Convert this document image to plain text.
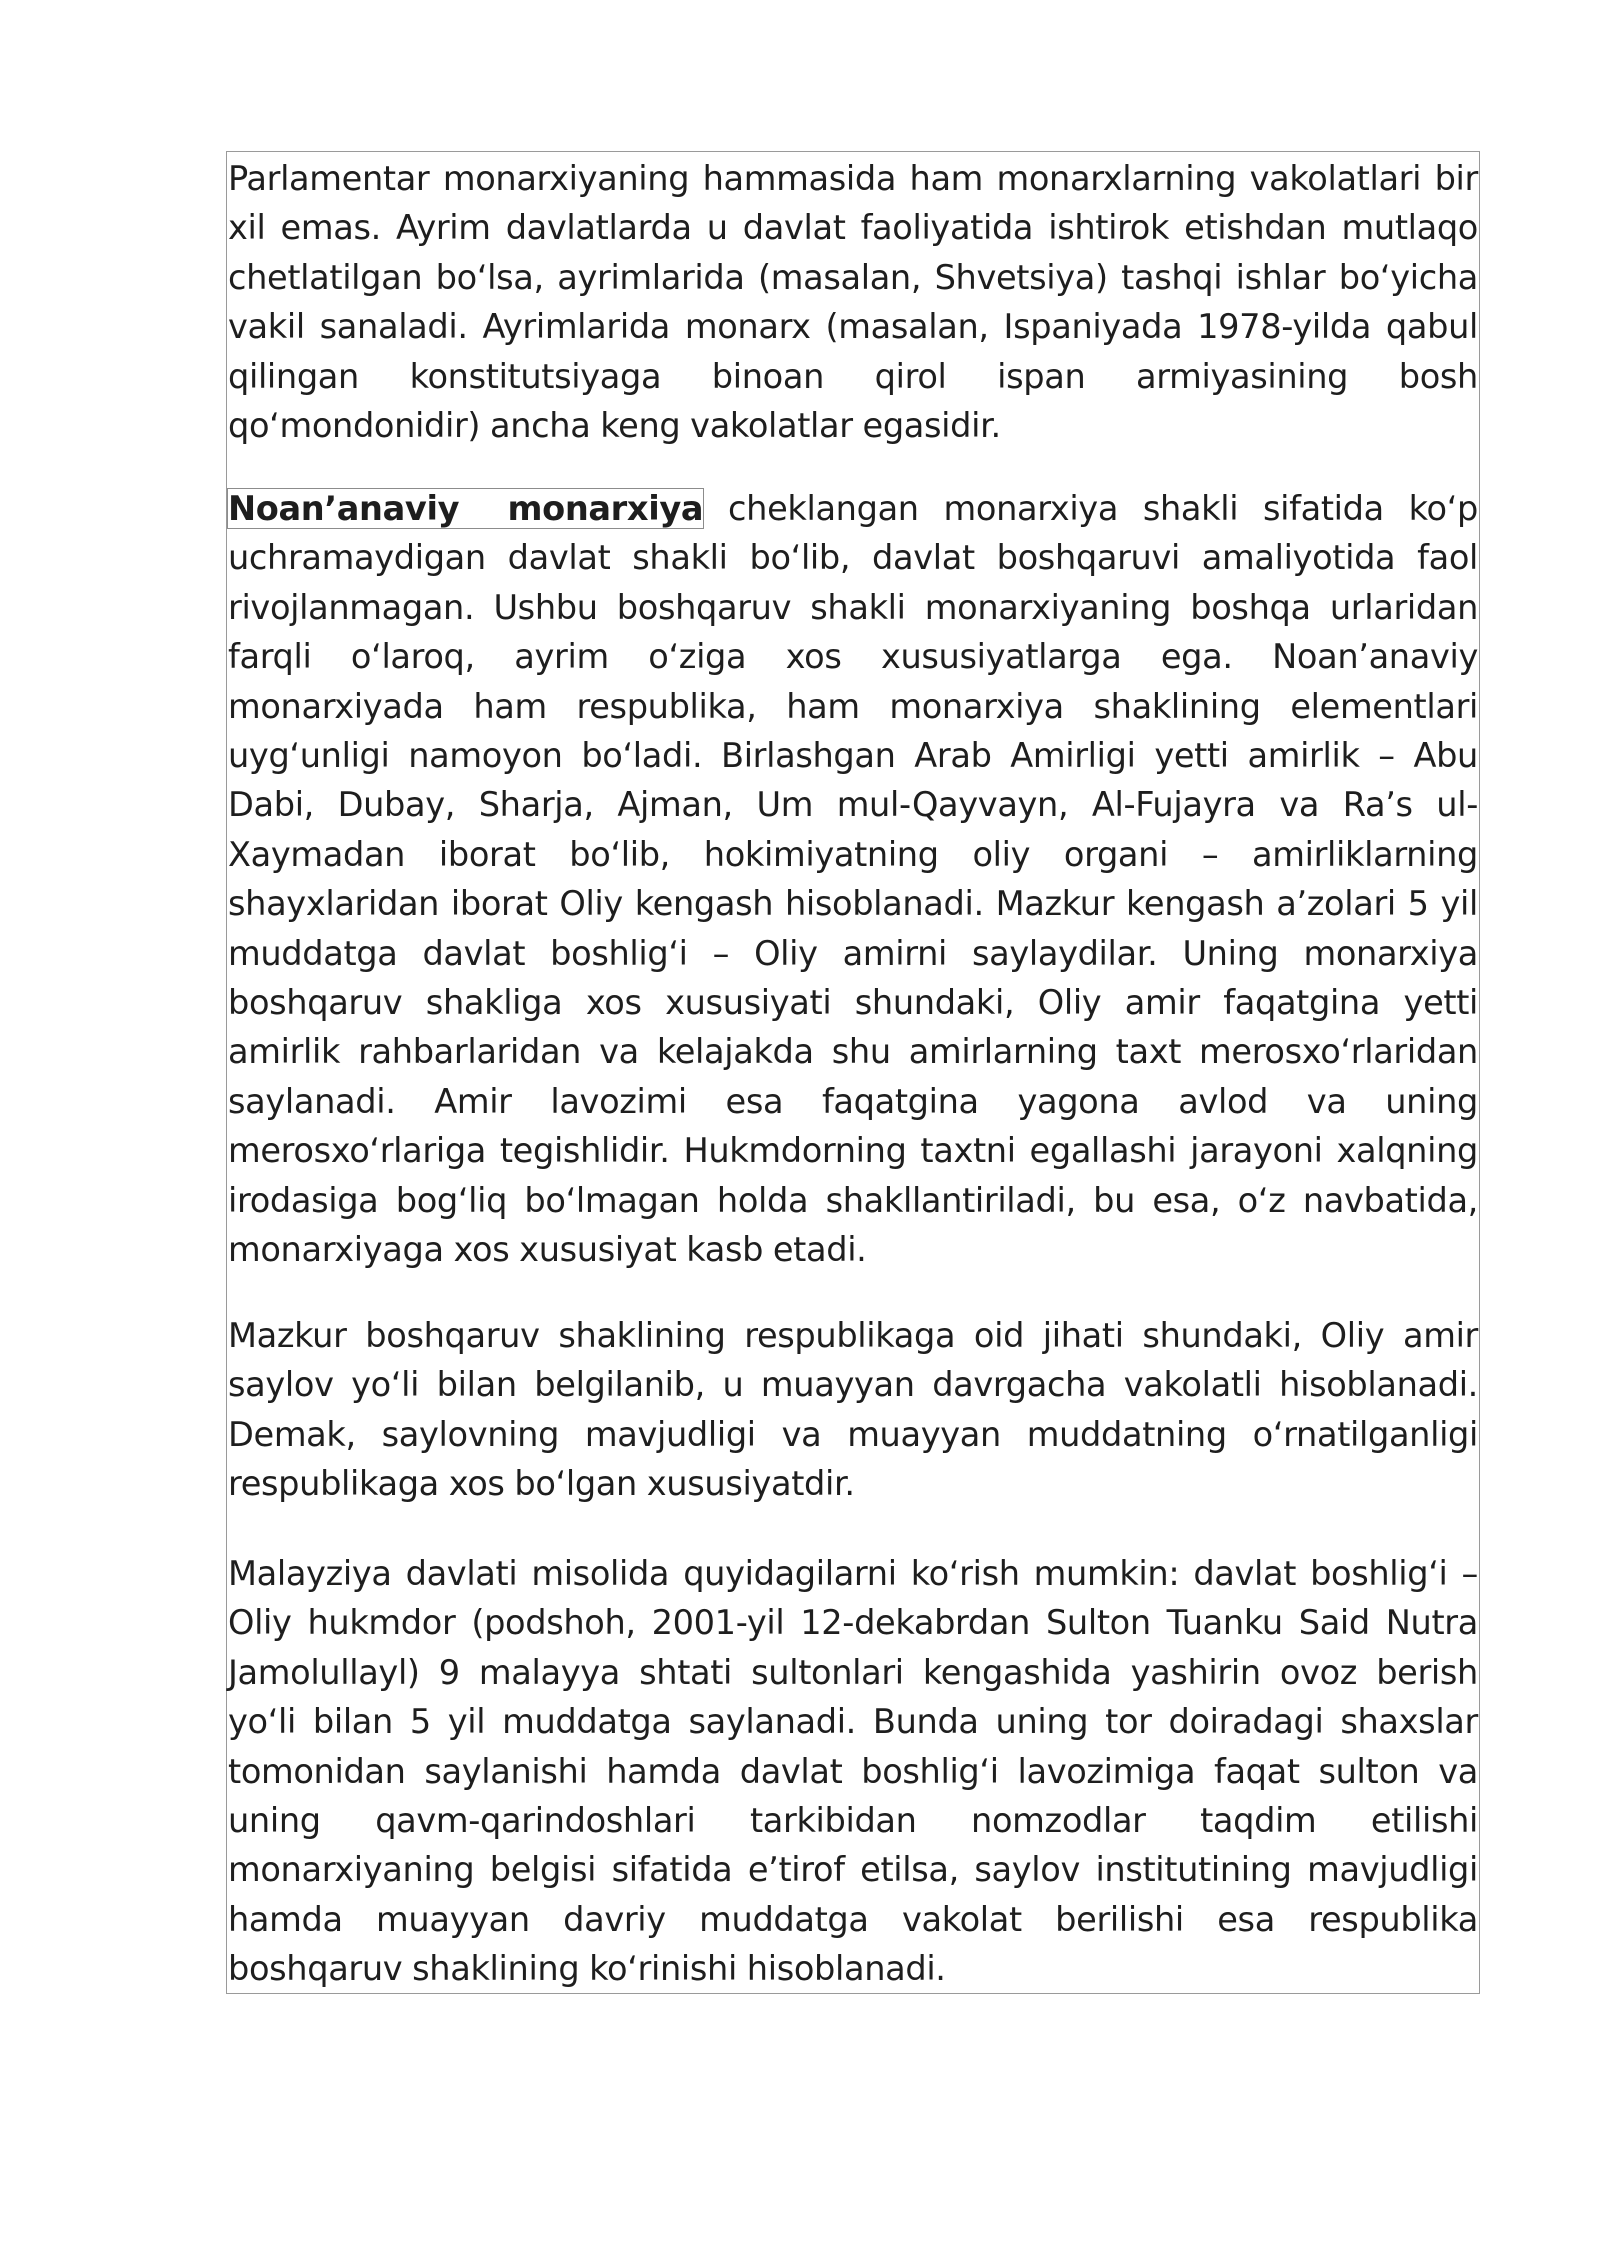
Parlamentar monarxiyaning hammasida ham monarxlarning vakolatlari bir xil emas. Ayrim davlatlarda u davlat faoliyatida ishtirok etishdan mutlaqo chetlatilgan bo‘lsa, ayrimlarida (masalan, Shvetsiya) tashqi ishlar bo‘yicha vakil sanaladi. Ayrimlarida monarx (masalan, Ispaniyada 1978-yilda qabul qilingan konstitutsiyaga binoan qirol ispan armiyasining bosh qo‘mondonidir) ancha keng vakolatlar egasidir.

Noan’anaviy monarxiya cheklangan monarxiya shakli sifatida ko‘p uchramaydigan davlat shakli bo‘lib, davlat boshqaruvi amaliyotida faol rivojlanmagan. Ushbu boshqaruv shakli monarxiyaning boshqa urlaridan farqli o‘laroq, ayrim o‘ziga xos xususiyatlarga ega. Noan’anaviy monarxiyada ham respublika, ham monarxiya shaklining elementlari uyg‘unligi namoyon bo‘ladi. Birlashgan Arab Amirligi yetti amirlik – Abu Dabi, Dubay, Sharja, Ajman, Um mul-Qayvayn, Al-Fujayra va Ra’s ul-Xaymadan iborat bo‘lib, hokimiyatning oliy organi – amirliklarning shayxlaridan iborat Oliy kengash hisoblanadi. Mazkur kengash a’zolari 5 yil muddatga davlat boshlig‘i – Oliy amirni saylaydilar. Uning monarxiya boshqaruv shakliga xos xususiyati shundaki, Oliy amir faqatgina yetti amirlik rahbarlaridan va kelajakda shu amirlarning taxt merosxo‘rlaridan saylanadi. Amir lavozimi esa faqatgina yagona avlod va uning merosxo‘rlariga tegishlidir. Hukmdorning taxtni egallashi jarayoni xalqning irodasiga bog‘liq bo‘lmagan holda shakllantiriladi, bu esa, o‘z navbatida, monarxiyaga xos xususiyat kasb etadi.

Mazkur boshqaruv shaklining respublikaga oid jihati shundaki, Oliy amir saylov yo‘li bilan belgilanib, u muayyan davrgacha vakolatli hisoblanadi. Demak, saylovning mavjudligi va muayyan muddatning o‘rnatilganligi respublikaga xos bo‘lgan xususiyatdir.

Malayziya davlati misolida quyidagilarni ko‘rish mumkin: davlat boshlig‘i – Oliy hukmdor (podshoh, 2001-yil 12-dekabrdan Sulton Tuanku Said Nutra Jamolullayl) 9 malayya shtati sultonlari kengashida yashirin ovoz berish yo‘li bilan 5 yil muddatga saylanadi. Bunda uning tor doiradagi shaxslar tomonidan saylanishi hamda davlat boshlig‘i lavozimiga faqat sulton va uning qavm-qarindoshlari tarkibidan nomzodlar taqdim etilishi monarxiyaning belgisi sifatida e’tirof etilsa, saylov institutining mavjudligi hamda muayyan davriy muddatga vakolat berilishi esa respublika boshqaruv shaklining ko‘rinishi hisoblanadi.
